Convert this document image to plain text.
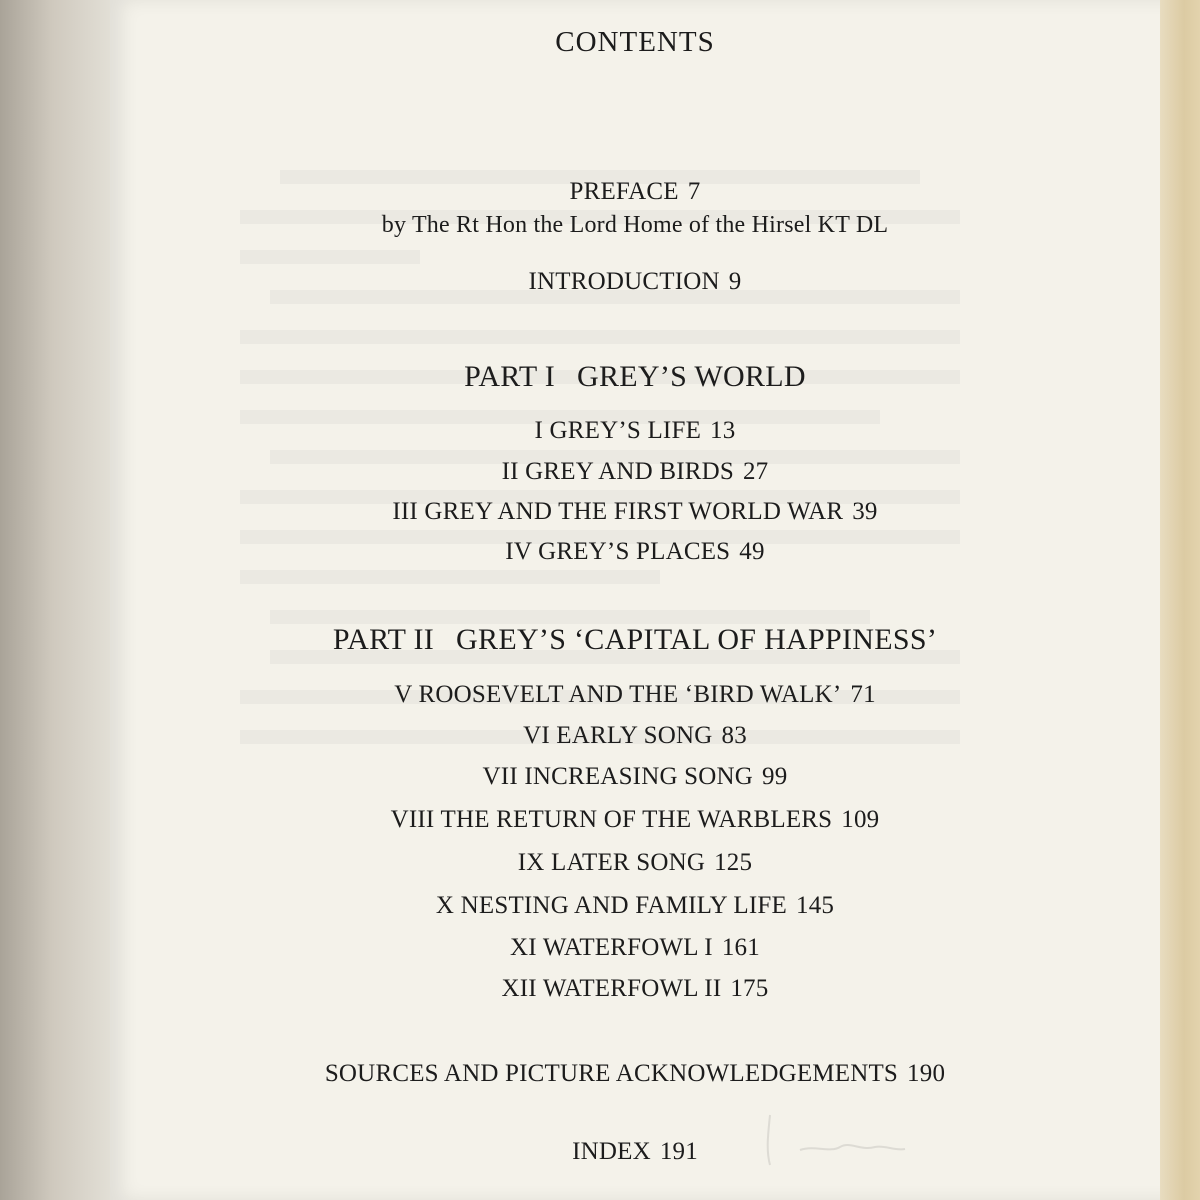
CONTENTS
PREFACE 7
by The Rt Hon the Lord Home of the Hirsel KT DL
INTRODUCTION 9
PART I GREY’S WORLD
I GREY’S LIFE 13
II GREY AND BIRDS 27
III GREY AND THE FIRST WORLD WAR 39
IV GREY’S PLACES 49
PART II GREY’S ‘CAPITAL OF HAPPINESS’
V ROOSEVELT AND THE ‘BIRD WALK’ 71
VI EARLY SONG 83
VII INCREASING SONG 99
VIII THE RETURN OF THE WARBLERS 109
IX LATER SONG 125
X NESTING AND FAMILY LIFE 145
XI WATERFOWL I 161
XII WATERFOWL II 175
SOURCES AND PICTURE ACKNOWLEDGEMENTS 190
INDEX 191
